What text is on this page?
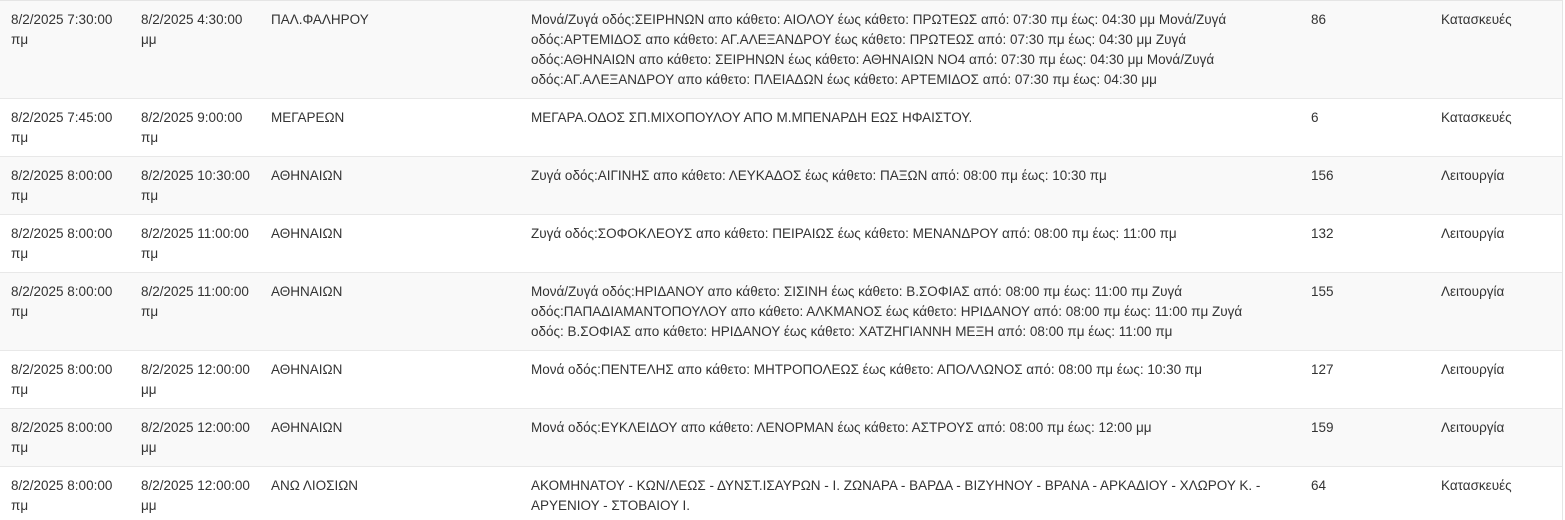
8/2/2025 7:30:00 πμ	8/2/2025 4:30:00 μμ	ΠΑΛ.ΦΑΛΗΡΟΥ	Μονά/Ζυγά οδός:ΣΕΙΡΗΝΩΝ απο κάθετο: ΑΙΟΛΟΥ έως κάθετο: ΠΡΩΤΕΩΣ από: 07:30 πμ έως: 04:30 μμ Μονά/Ζυγά οδός:ΑΡΤΕΜΙΔΟΣ απο κάθετο: ΑΓ.ΑΛΕΞΑΝΔΡΟΥ έως κάθετο: ΠΡΩΤΕΩΣ από: 07:30 πμ έως: 04:30 μμ Ζυγά οδός:ΑΘΗΝΑΙΩΝ απο κάθετο: ΣΕΙΡΗΝΩΝ έως κάθετο: ΑΘΗΝΑΙΩΝ ΝΟ4 από: 07:30 πμ έως: 04:30 μμ Μονά/Ζυγά οδός:ΑΓ.ΑΛΕΞΑΝΔΡΟΥ απο κάθετο: ΠΛΕΙΑΔΩΝ έως κάθετο: ΑΡΤΕΜΙΔΟΣ από: 07:30 πμ έως: 04:30 μμ	86	Κατασκευές
8/2/2025 7:45:00 πμ	8/2/2025 9:00:00 πμ	ΜΕΓΑΡΕΩΝ	ΜΕΓΑΡΑ.ΟΔΟΣ ΣΠ.ΜΙΧΟΠΟΥΛΟΥ ΑΠΟ Μ.ΜΠΕΝΑΡΔΗ ΕΩΣ ΗΦΑΙΣΤΟΥ.	6	Κατασκευές
8/2/2025 8:00:00 πμ	8/2/2025 10:30:00 πμ	ΑΘΗΝΑΙΩΝ	Ζυγά οδός:ΑΙΓΙΝΗΣ απο κάθετο: ΛΕΥΚΑΔΟΣ έως κάθετο: ΠΑΞΩΝ από: 08:00 πμ έως: 10:30 πμ	156	Λειτουργία
8/2/2025 8:00:00 πμ	8/2/2025 11:00:00 πμ	ΑΘΗΝΑΙΩΝ	Ζυγά οδός:ΣΟΦΟΚΛΕΟΥΣ απο κάθετο: ΠΕΙΡΑΙΩΣ έως κάθετο: ΜΕΝΑΝΔΡΟΥ από: 08:00 πμ έως: 11:00 πμ	132	Λειτουργία
8/2/2025 8:00:00 πμ	8/2/2025 11:00:00 πμ	ΑΘΗΝΑΙΩΝ	Μονά/Ζυγά οδός:ΗΡΙΔΑΝΟΥ απο κάθετο: ΣΙΣΙΝΗ έως κάθετο: Β.ΣΟΦΙΑΣ από: 08:00 πμ έως: 11:00 πμ Ζυγά οδός:ΠΑΠΑΔΙΑΜΑΝΤΟΠΟΥΛΟΥ απο κάθετο: ΑΛΚΜΑΝΟΣ έως κάθετο: ΗΡΙΔΑΝΟΥ από: 08:00 πμ έως: 11:00 πμ Ζυγά οδός: Β.ΣΟΦΙΑΣ απο κάθετο: ΗΡΙΔΑΝΟΥ έως κάθετο: ΧΑΤΖΗΓΙΑΝΝΗ ΜΕΞΗ από: 08:00 πμ έως: 11:00 πμ	155	Λειτουργία
8/2/2025 8:00:00 πμ	8/2/2025 12:00:00 μμ	ΑΘΗΝΑΙΩΝ	Μονά οδός:ΠΕΝΤΕΛΗΣ απο κάθετο: ΜΗΤΡΟΠΟΛΕΩΣ έως κάθετο: ΑΠΟΛΛΩΝΟΣ από: 08:00 πμ έως: 10:30 πμ	127	Λειτουργία
8/2/2025 8:00:00 πμ	8/2/2025 12:00:00 μμ	ΑΘΗΝΑΙΩΝ	Μονά οδός:ΕΥΚΛΕΙΔΟΥ απο κάθετο: ΛΕΝΟΡΜΑΝ έως κάθετο: ΑΣΤΡΟΥΣ από: 08:00 πμ έως: 12:00 μμ	159	Λειτουργία
8/2/2025 8:00:00 πμ	8/2/2025 12:00:00 μμ	ΑΝΩ ΛΙΟΣΙΩΝ	ΑΚΟΜΗΝΑΤΟΥ - ΚΩΝ/ΛΕΩΣ - ΔΥΝΣΤ.ΙΣΑΥΡΩΝ - Ι. ΖΩΝΑΡΑ - ΒΑΡΔΑ - ΒΙΖΥΗΝΟΥ - ΒΡΑΝΑ - ΑΡΚΑΔΙΟΥ - ΧΛΩΡΟΥ Κ. - ΑΡΥΕΝΙΟΥ - ΣΤΟΒΑΙΟΥ Ι.	64	Κατασκευές
